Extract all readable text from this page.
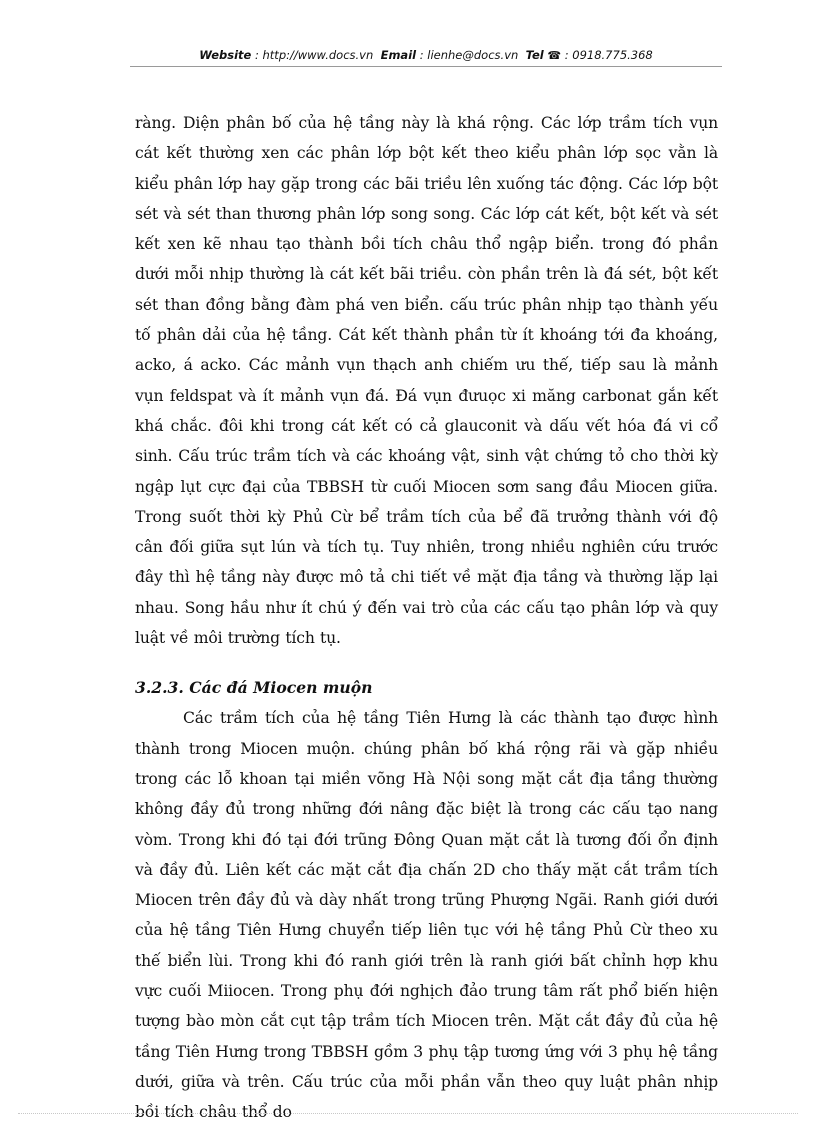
Website : http://www.docs.vn Email : lienhe@docs.vn Tel ☎ : 0918.775.368

ràng. Diện phân bố của hệ tầng này là khá rộng. Các lớp trầm tích vụn cát kết thường xen các phân lớp bột kết theo kiểu phân lớp sọc vằn là kiểu phân lớp hay gặp trong các bãi triều lên xuống tác động. Các lớp bột sét và sét than thương phân lớp song song. Các lớp cát kết, bột kết và sét kết xen kẽ nhau tạo thành bồi tích châu thổ ngập biển. trong đó phần dưới mỗi nhịp thường là cát kết bãi triều. còn phần trên là đá sét, bột kết sét than đồng bằng đàm phá ven biển. cấu trúc phân nhịp tạo thành yếu tố phân dải của hệ tầng. Cát kết thành phần từ ít khoáng tới đa khoáng, acko, á acko. Các mảnh vụn thạch anh chiếm ưu thế, tiếp sau là mảnh vụn feldspat và ít mảnh vụn đá. Đá vụn đưuọc xi măng carbonat gắn kết khá chắc. đôi khi trong cát kết có cả glauconit và dấu vết hóa đá vi cổ sinh. Cấu trúc trầm tích và các khoáng vật, sinh vật chứng tỏ cho thời kỳ ngập lụt cực đại của TBBSH từ cuối Miocen sơm sang đầu Miocen giữa. Trong suốt thời kỳ Phủ Cừ bể trầm tích của bể đã trưởng thành với độ cân đối giữa sụt lún và tích tụ. Tuy nhiên, trong nhiều nghiên cứu trước đây thì hệ tầng này được mô tả chi tiết về mặt địa tầng và thường lặp lại nhau. Song hầu như ít chú ý đến vai trò của các cấu tạo phân lớp và quy luật về môi trường tích tụ.

3.2.3. Các đá Miocen muộn

Các trầm tích của hệ tầng Tiên Hưng là các thành tạo được hình thành trong Miocen muộn. chúng phân bố khá rộng rãi và gặp nhiều trong các lỗ khoan tại miền võng Hà Nội song mặt cắt địa tầng thường không đầy đủ trong những đới nâng đặc biệt là trong các cấu tạo nang vòm. Trong khi đó tại đới trũng Đông Quan mặt cắt là tương đối ổn định và đầy đủ. Liên kết các mặt cắt địa chấn 2D cho thấy mặt cắt trầm tích Miocen trên đầy đủ và dày nhất trong trũng Phượng Ngãi. Ranh giới dưới của hệ tầng Tiên Hưng chuyển tiếp liên tục với hệ tầng Phủ Cừ theo xu thế biển lùi. Trong khi đó ranh giới trên là ranh giới bất chỉnh hợp khu vực cuối Miiocen. Trong phụ đới nghịch đảo trung tâm rất phổ biến hiện tượng bào mòn cắt cụt tập trầm tích Miocen trên. Mặt cắt đầy đủ của hệ tầng Tiên Hưng trong TBBSH gồm 3 phụ tập tương ứng với 3 phụ hệ tầng dưới, giữa và trên. Cấu trúc của mỗi phần vẫn theo quy luật phân nhịp bồi tích châu thổ do
